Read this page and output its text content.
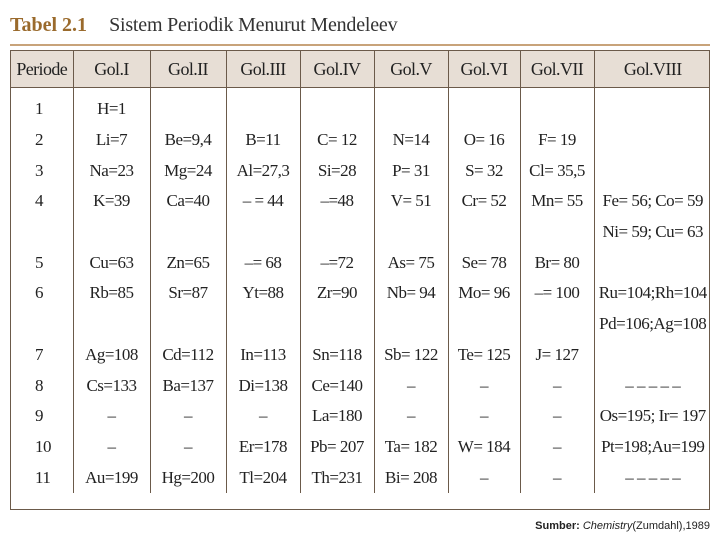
Tabel 2.1 Sistem Periodik Menurut Mendeleev
Periode	Gol.I	Gol.II	Gol.III	Gol.IV	Gol.V	Gol.VI	Gol.VII	Gol.VIII
1	H=1							
2	Li=7	Be=9,4	B=11	C= 12	N=14	O= 16	F= 19	
3	Na=23	Mg=24	Al=27,3	Si=28	P= 31	S= 32	Cl= 35,5	
4	K=39	Ca=40	– = 44	–=48	V= 51	Cr= 52	Mn= 55	Fe= 56; Co= 59
								Ni= 59; Cu= 63
5	Cu=63	Zn=65	–= 68	–=72	As= 75	Se= 78	Br= 80	
6	Rb=85	Sr=87	Yt=88	Zr=90	Nb= 94	Mo= 96	–= 100	Ru=104;Rh=104
								Pd=106;Ag=108
7	Ag=108	Cd=112	In=113	Sn=118	Sb= 122	Te= 125	J= 127	
8	Cs=133	Ba=137	Di=138	Ce=140	–	–	–	– – – – –
9	–	–	–	La=180	–	–	–	Os=195; Ir= 197
10	–	–	Er=178	Pb= 207	Ta= 182	W= 184	–	Pt=198;Au=199
11	Au=199	Hg=200	Tl=204	Th=231	Bi= 208	–	–	– – – – –
Sumber: Chemistry(Zumdahl),1989
